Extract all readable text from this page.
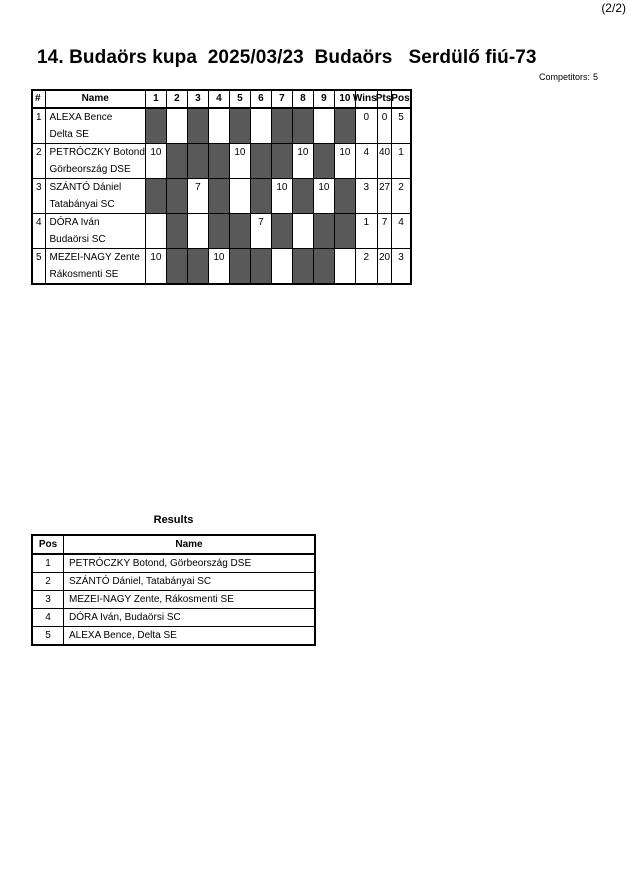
(2/2)
14. Budaörs kupa  2025/03/23  Budaörs   Serdülő fiú-73
Competitors: 5
#	Name	1	2	3	4	5	6	7	8	9	10	Wins	Pts	Pos
1	ALEXA Bence											0	0	5
	Delta SE													
2	PETRÓCZKY Botond	10				10			10		10	4	40	1
	Görbeország DSE													
3	SZÁNTÓ Dániel			7				10		10		3	27	2
	Tatabányai SC													
4	DÓRA Iván						7					1	7	4
	Budaörsi SC													
5	MEZEI-NAGY Zente	10			10							2	20	3
	Rákosmenti SE													
Results
Pos	Name
1	PETRÓCZKY Botond, Görbeország DSE
2	SZÁNTÓ Dániel, Tatabányai SC
3	MEZEI-NAGY Zente, Rákosmenti SE
4	DÓRA Iván, Budaörsi SC
5	ALEXA Bence, Delta SE
